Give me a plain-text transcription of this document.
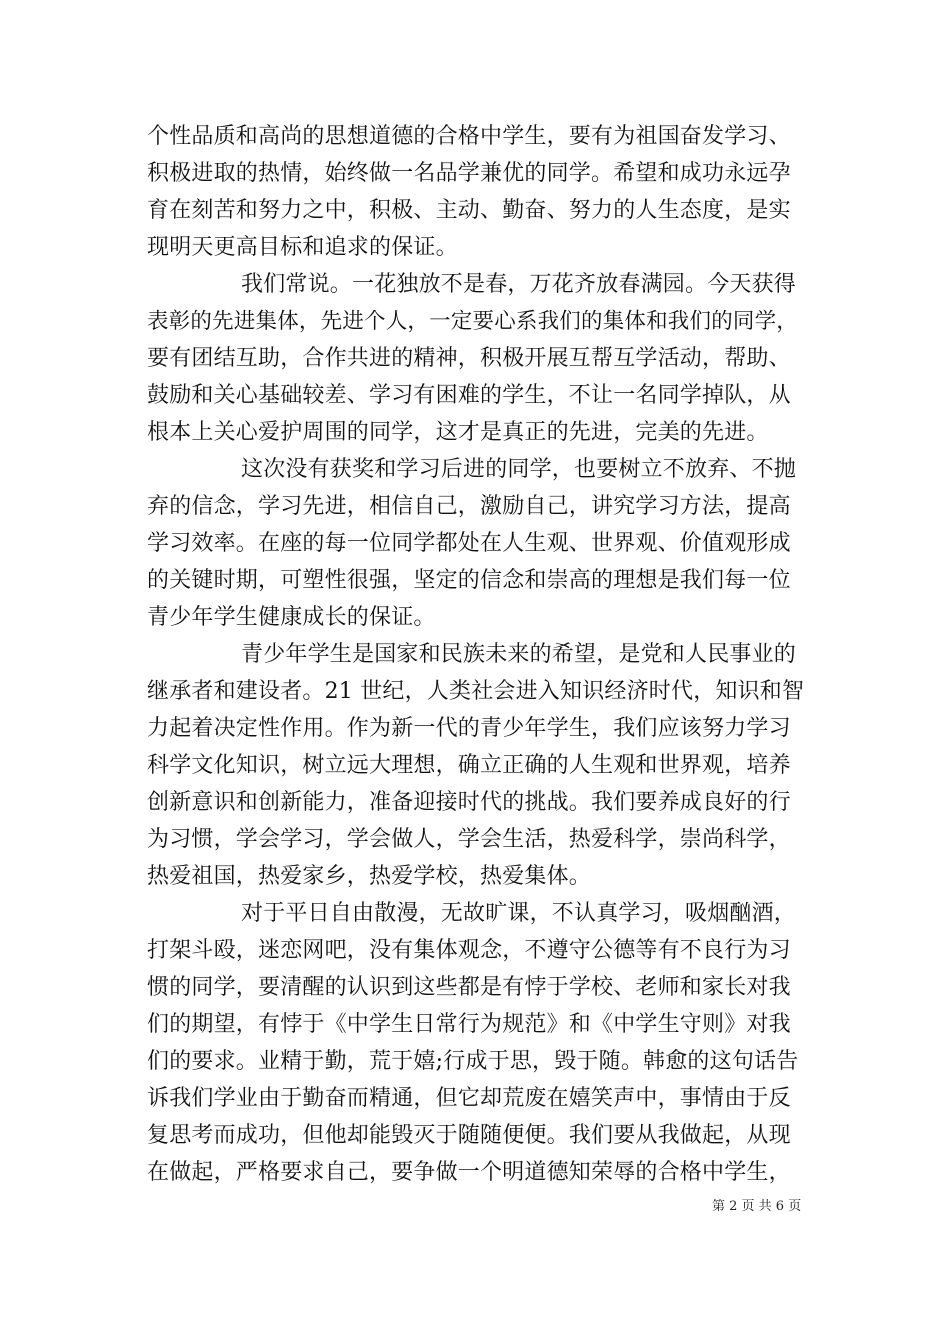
个性品质和高尚的思想道德的合格中学生，要有为祖国奋发学习、
积极进取的热情，始终做一名品学兼优的同学。希望和成功永远孕
育在刻苦和努力之中，积极、主动、勤奋、努力的人生态度，是实
现明天更高目标和追求的保证。
我们常说。一花独放不是春，万花齐放春满园。今天获得
表彰的先进集体，先进个人，一定要心系我们的集体和我们的同学，
要有团结互助，合作共进的精神，积极开展互帮互学活动，帮助、
鼓励和关心基础较差、学习有困难的学生，不让一名同学掉队，从
根本上关心爱护周围的同学，这才是真正的先进，完美的先进。
这次没有获奖和学习后进的同学，也要树立不放弃、不抛
弃的信念，学习先进，相信自己，激励自己，讲究学习方法，提高
学习效率。在座的每一位同学都处在人生观、世界观、价值观形成
的关键时期，可塑性很强，坚定的信念和崇高的理想是我们每一位
青少年学生健康成长的保证。
青少年学生是国家和民族未来的希望，是党和人民事业的
继承者和建设者。21 世纪，人类社会进入知识经济时代，知识和智
力起着决定性作用。作为新一代的青少年学生，我们应该努力学习
科学文化知识，树立远大理想，确立正确的人生观和世界观，培养
创新意识和创新能力，准备迎接时代的挑战。我们要养成良好的行
为习惯，学会学习，学会做人，学会生活，热爱科学，崇尚科学，
热爱祖国，热爱家乡，热爱学校，热爱集体。
对于平日自由散漫，无故旷课，不认真学习，吸烟酗酒，
打架斗殴，迷恋网吧，没有集体观念，不遵守公德等有不良行为习
惯的同学，要清醒的认识到这些都是有悖于学校、老师和家长对我
们的期望，有悖于《中学生日常行为规范》和《中学生守则》对我
们的要求。业精于勤，荒于嬉;行成于思，毁于随。韩愈的这句话告
诉我们学业由于勤奋而精通，但它却荒废在嬉笑声中，事情由于反
复思考而成功，但他却能毁灭于随随便便。我们要从我做起，从现
在做起，严格要求自己，要争做一个明道德知荣辱的合格中学生，
第 2 页 共 6 页
